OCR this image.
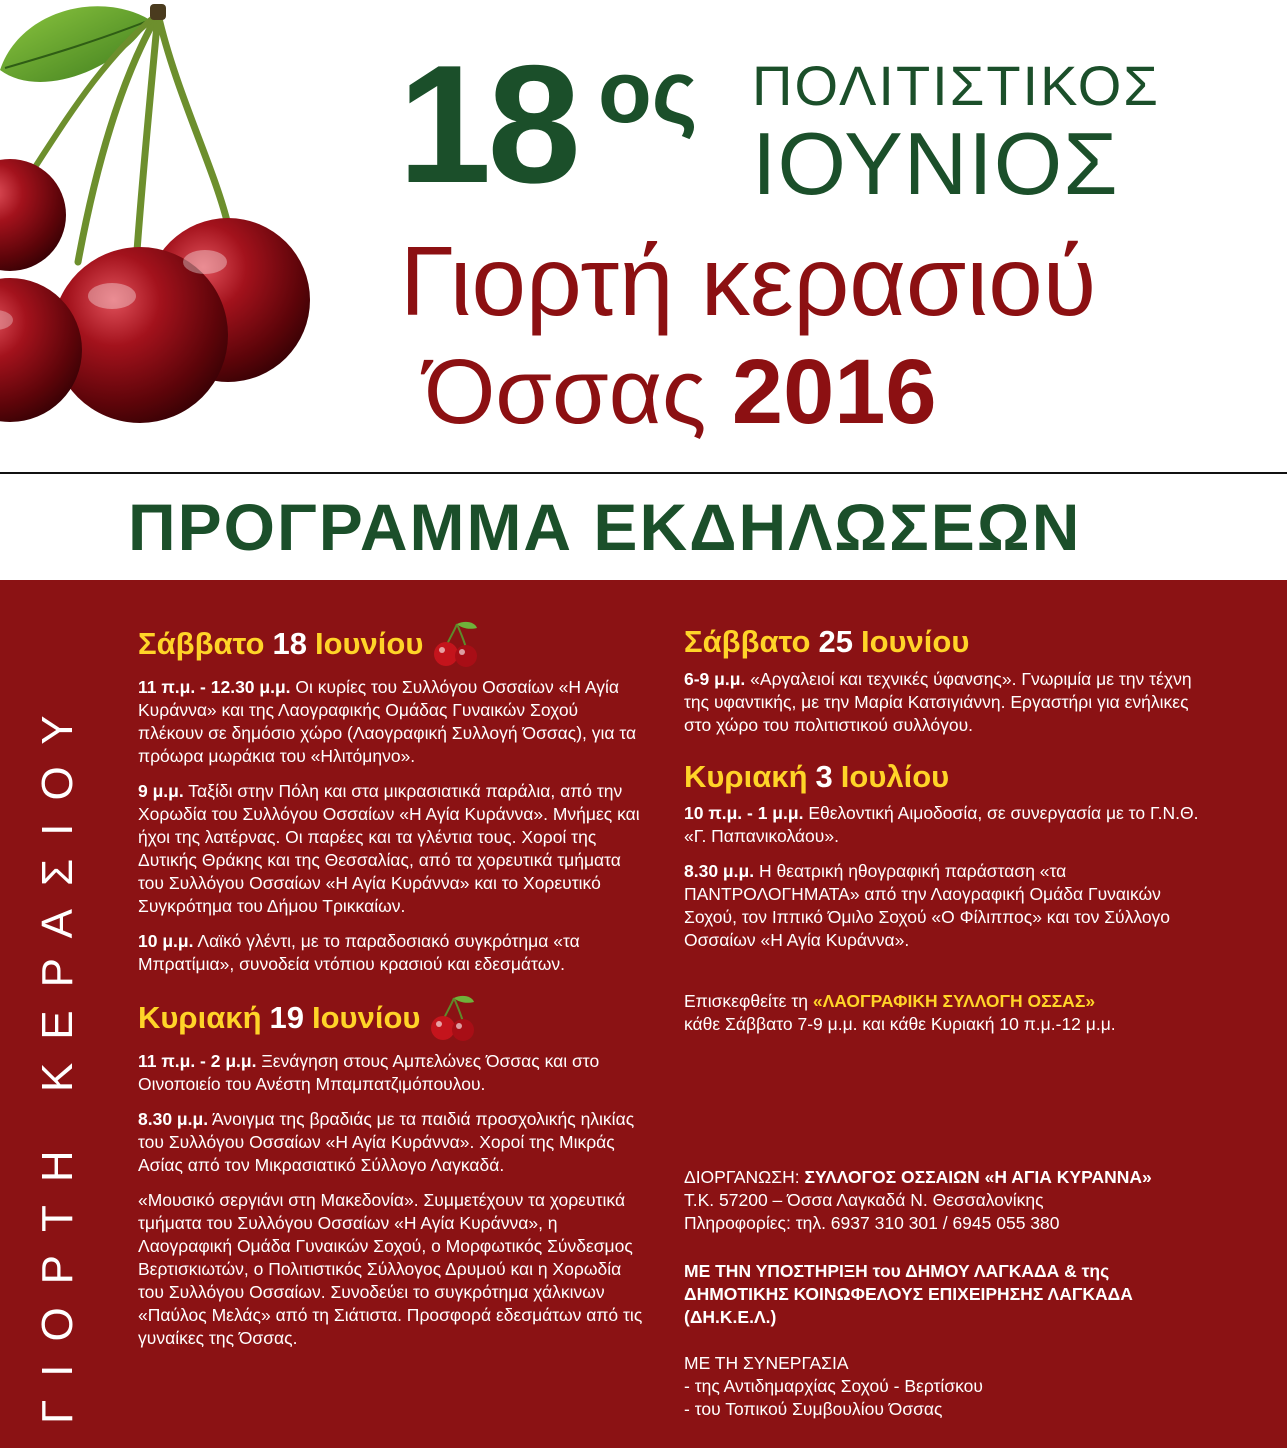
18 ος ΠΟΛΙΤΙΣΤΙΚΟΣ
ΙΟΥΝΙΟΣ
Γιορτή κερασιού
Όσσας 2016
ΠΡΟΓΡΑΜΜΑ ΕΚΔΗΛΩΣΕΩΝ
ΓΙΟΡΤΗ ΚΕΡΑΣΙΟΥ
Σάββατο 18 Ιουνίου
11 π.μ. - 12.30 μ.μ. Οι κυρίες του Συλλόγου Οσσαίων «Η Αγία Κυράννα» και της Λαογραφικής Ομάδας Γυναικών Σοχού πλέκουν σε δημόσιο χώρο (Λαογραφική Συλλογή Όσσας), για τα πρόωρα μωράκια του «Ηλιτόμηνο».
9 μ.μ. Ταξίδι στην Πόλη και στα μικρασιατικά παράλια, από την Χορωδία του Συλλόγου Οσσαίων «Η Αγία Κυράννα». Μνήμες και ήχοι της λατέρνας. Οι παρέες και τα γλέντια τους. Χοροί της Δυτικής Θράκης και της Θεσσαλίας, από τα χορευτικά τμήματα του Συλλόγου Οσσαίων «Η Αγία Κυράννα» και το Χορευτικό Συγκρότημα του Δήμου Τρικκαίων.
10 μ.μ. Λαϊκό γλέντι, με το παραδοσιακό συγκρότημα «τα Μπρατίμια», συνοδεία ντόπιου κρασιού και εδεσμάτων.
Κυριακή 19 Ιουνίου
11 π.μ. - 2 μ.μ. Ξενάγηση στους Αμπελώνες Όσσας και στο Οινοποιείο του Ανέστη Μπαμπατζιμόπουλου.
8.30 μ.μ. Άνοιγμα της βραδιάς με τα παιδιά προσχολικής ηλικίας του Συλλόγου Οσσαίων «Η Αγία Κυράννα». Χοροί της Μικράς Ασίας από τον Μικρασιατικό Σύλλογο Λαγκαδά.
«Μουσικό σεργιάνι στη Μακεδονία». Συμμετέχουν τα χορευτικά τμήματα του Συλλόγου Οσσαίων «Η Αγία Κυράννα», η Λαογραφική Ομάδα Γυναικών Σοχού, ο Μορφωτικός Σύνδεσμος Βερτισκιωτών, ο Πολιτιστικός Σύλλογος Δρυμού και η Χορωδία του Συλλόγου Οσσαίων. Συνοδεύει το συγκρότημα χάλκινων «Παύλος Μελάς» από τη Σιάτιστα. Προσφορά εδεσμάτων από τις γυναίκες της Όσσας.
Σάββατο 25 Ιουνίου
6-9 μ.μ. «Αργαλειοί και τεχνικές ύφανσης». Γνωριμία με την τέχνη της υφαντικής, με την Μαρία Κατσιγιάννη. Εργαστήρι για ενήλικες στο χώρο του πολιτιστικού συλλόγου.
Κυριακή 3 Ιουλίου
10 π.μ. - 1 μ.μ. Εθελοντική Αιμοδοσία, σε συνεργασία με το Γ.Ν.Θ. «Γ. Παπανικολάου».
8.30 μ.μ. Η θεατρική ηθογραφική παράσταση «τα ΠΑΝΤΡΟΛΟΓΗΜΑΤΑ» από την Λαογραφική Ομάδα Γυναικών Σοχού, τον Ιππικό Όμιλο Σοχού «Ο Φίλιππος» και τον Σύλλογο Οσσαίων «Η Αγία Κυράννα».
Επισκεφθείτε τη «ΛΑΟΓΡΑΦΙΚΗ ΣΥΛΛΟΓΗ ΟΣΣΑΣ»
κάθε Σάββατο 7-9 μ.μ. και κάθε Κυριακή 10 π.μ.-12 μ.μ.
ΔΙΟΡΓΑΝΩΣΗ: ΣΥΛΛΟΓΟΣ ΟΣΣΑΙΩΝ «Η ΑΓΙΑ ΚΥΡΑΝΝΑ»
Τ.Κ. 57200 – Όσσα Λαγκαδά Ν. Θεσσαλονίκης
Πληροφορίες: τηλ. 6937 310 301 / 6945 055 380
ΜΕ ΤΗΝ ΥΠΟΣΤΗΡΙΞΗ του ΔΗΜΟΥ ΛΑΓΚΑΔΑ & της
ΔΗΜΟΤΙΚΗΣ ΚΟΙΝΩΦΕΛΟΥΣ ΕΠΙΧΕΙΡΗΣΗΣ ΛΑΓΚΑΔΑ
(ΔΗ.Κ.Ε.Λ.)
ΜΕ ΤΗ ΣΥΝΕΡΓΑΣΙΑ
- της Αντιδημαρχίας Σοχού - Βερτίσκου
- του Τοπικού Συμβουλίου Όσσας
